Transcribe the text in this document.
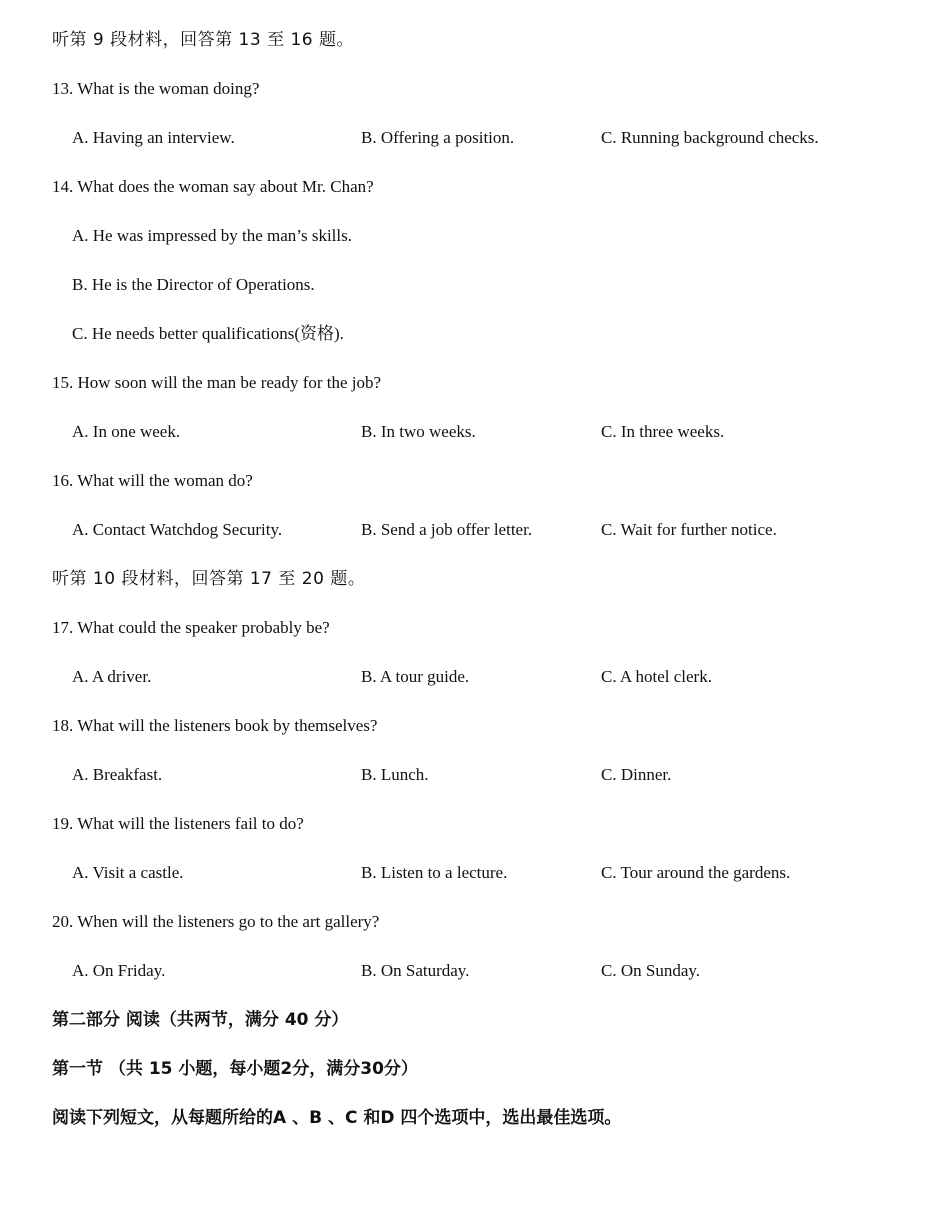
听第 9 段材料，回答第 13 至 16 题。
13. What is the woman doing?
A. Having an interview.	B. Offering a position.	C. Running background checks.
14. What does the woman say about Mr. Chan?
A. He was impressed by the man’s skills.
B. He is the Director of Operations.
C. He needs better qualifications(资格).
15. How soon will the man be ready for the job?
A. In one week.	B. In two weeks.	C. In three weeks.
16. What will the woman do?
A. Contact Watchdog Security.	B. Send a job offer letter.	C. Wait for further notice.
听第 10 段材料，回答第 17 至 20 题。
17. What could the speaker probably be?
A. A driver.	B. A tour guide.	C. A hotel clerk.
18. What will the listeners book by themselves?
A. Breakfast.	B. Lunch.	C. Dinner.
19. What will the listeners fail to do?
A. Visit a castle.	B. Listen to a lecture.	C. Tour around the gardens.
20. When will the listeners go to the art gallery?
A. On Friday.	B. On Saturday.	C. On Sunday.
第二部分 阅读（共两节，满分 40 分）
第一节 （共 15 小题，每小题2分，满分30分）
阅读下列短文，从每题所给的A 、B 、C 和D 四个选项中，选出最佳选项。
